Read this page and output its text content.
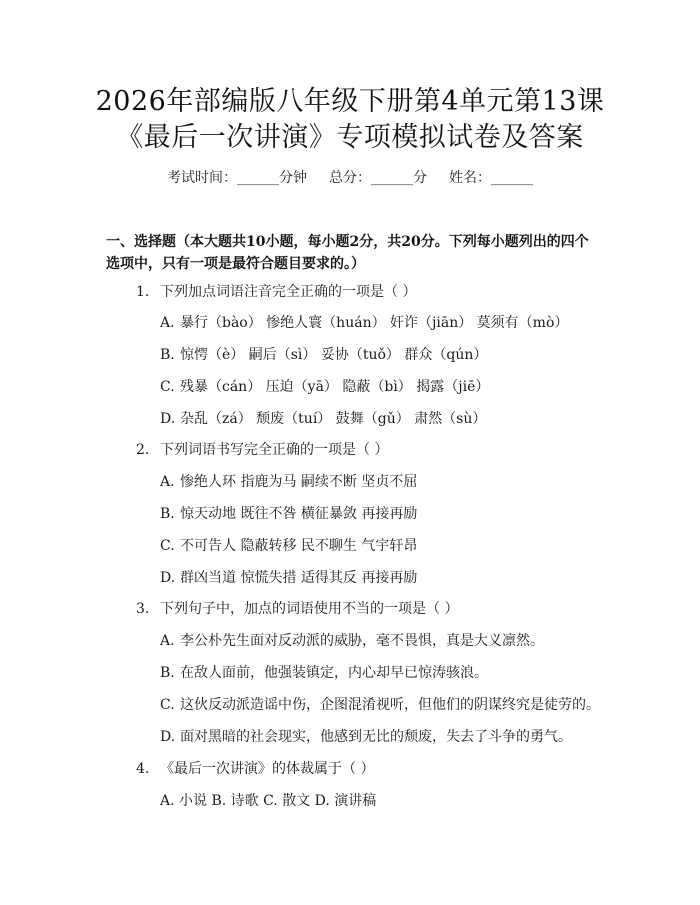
2026年部编版八年级下册第4单元第13课
《最后一次讲演》专项模拟试卷及答案
考试时间：______分钟 总分：______分 姓名：______
一、选择题（本大题共10小题，每小题2分，共20分。下列每小题列出的四个
选项中，只有一项是最符合题目要求的。）
1. 下列加点词语注音完全正确的一项是（ ）
A. 暴行（bào） 惨绝人寰（huán） 奸诈（jiān） 莫须有（mò）
B. 惊愕（è） 嗣后（sì） 妥协（tuǒ） 群众（qún）
C. 残暴（cán） 压迫（yā） 隐蔽（bì） 揭露（jiē）
D. 杂乱（zá） 颓废（tuí） 鼓舞（gǔ） 肃然（sù）
2. 下列词语书写完全正确的一项是（ ）
A. 惨绝人环 指鹿为马 嗣续不断 坚贞不屈
B. 惊天动地 既往不咎 横征暴敛 再接再励
C. 不可告人 隐蔽转移 民不聊生 气宇轩昂
D. 群凶当道 惊慌失措 适得其反 再接再励
3. 下列句子中，加点的词语使用不当的一项是（ ）
A. 李公朴先生面对反动派的威胁，毫不畏惧，真是大义凛然。
B. 在敌人面前，他强装镇定，内心却早已惊涛骇浪。
C. 这伙反动派造谣中伤，企图混淆视听，但他们的阴谋终究是徒劳的。
D. 面对黑暗的社会现实，他感到无比的颓废，失去了斗争的勇气。
4. 《最后一次讲演》的体裁属于（ ）
A. 小说 B. 诗歌 C. 散文 D. 演讲稿
